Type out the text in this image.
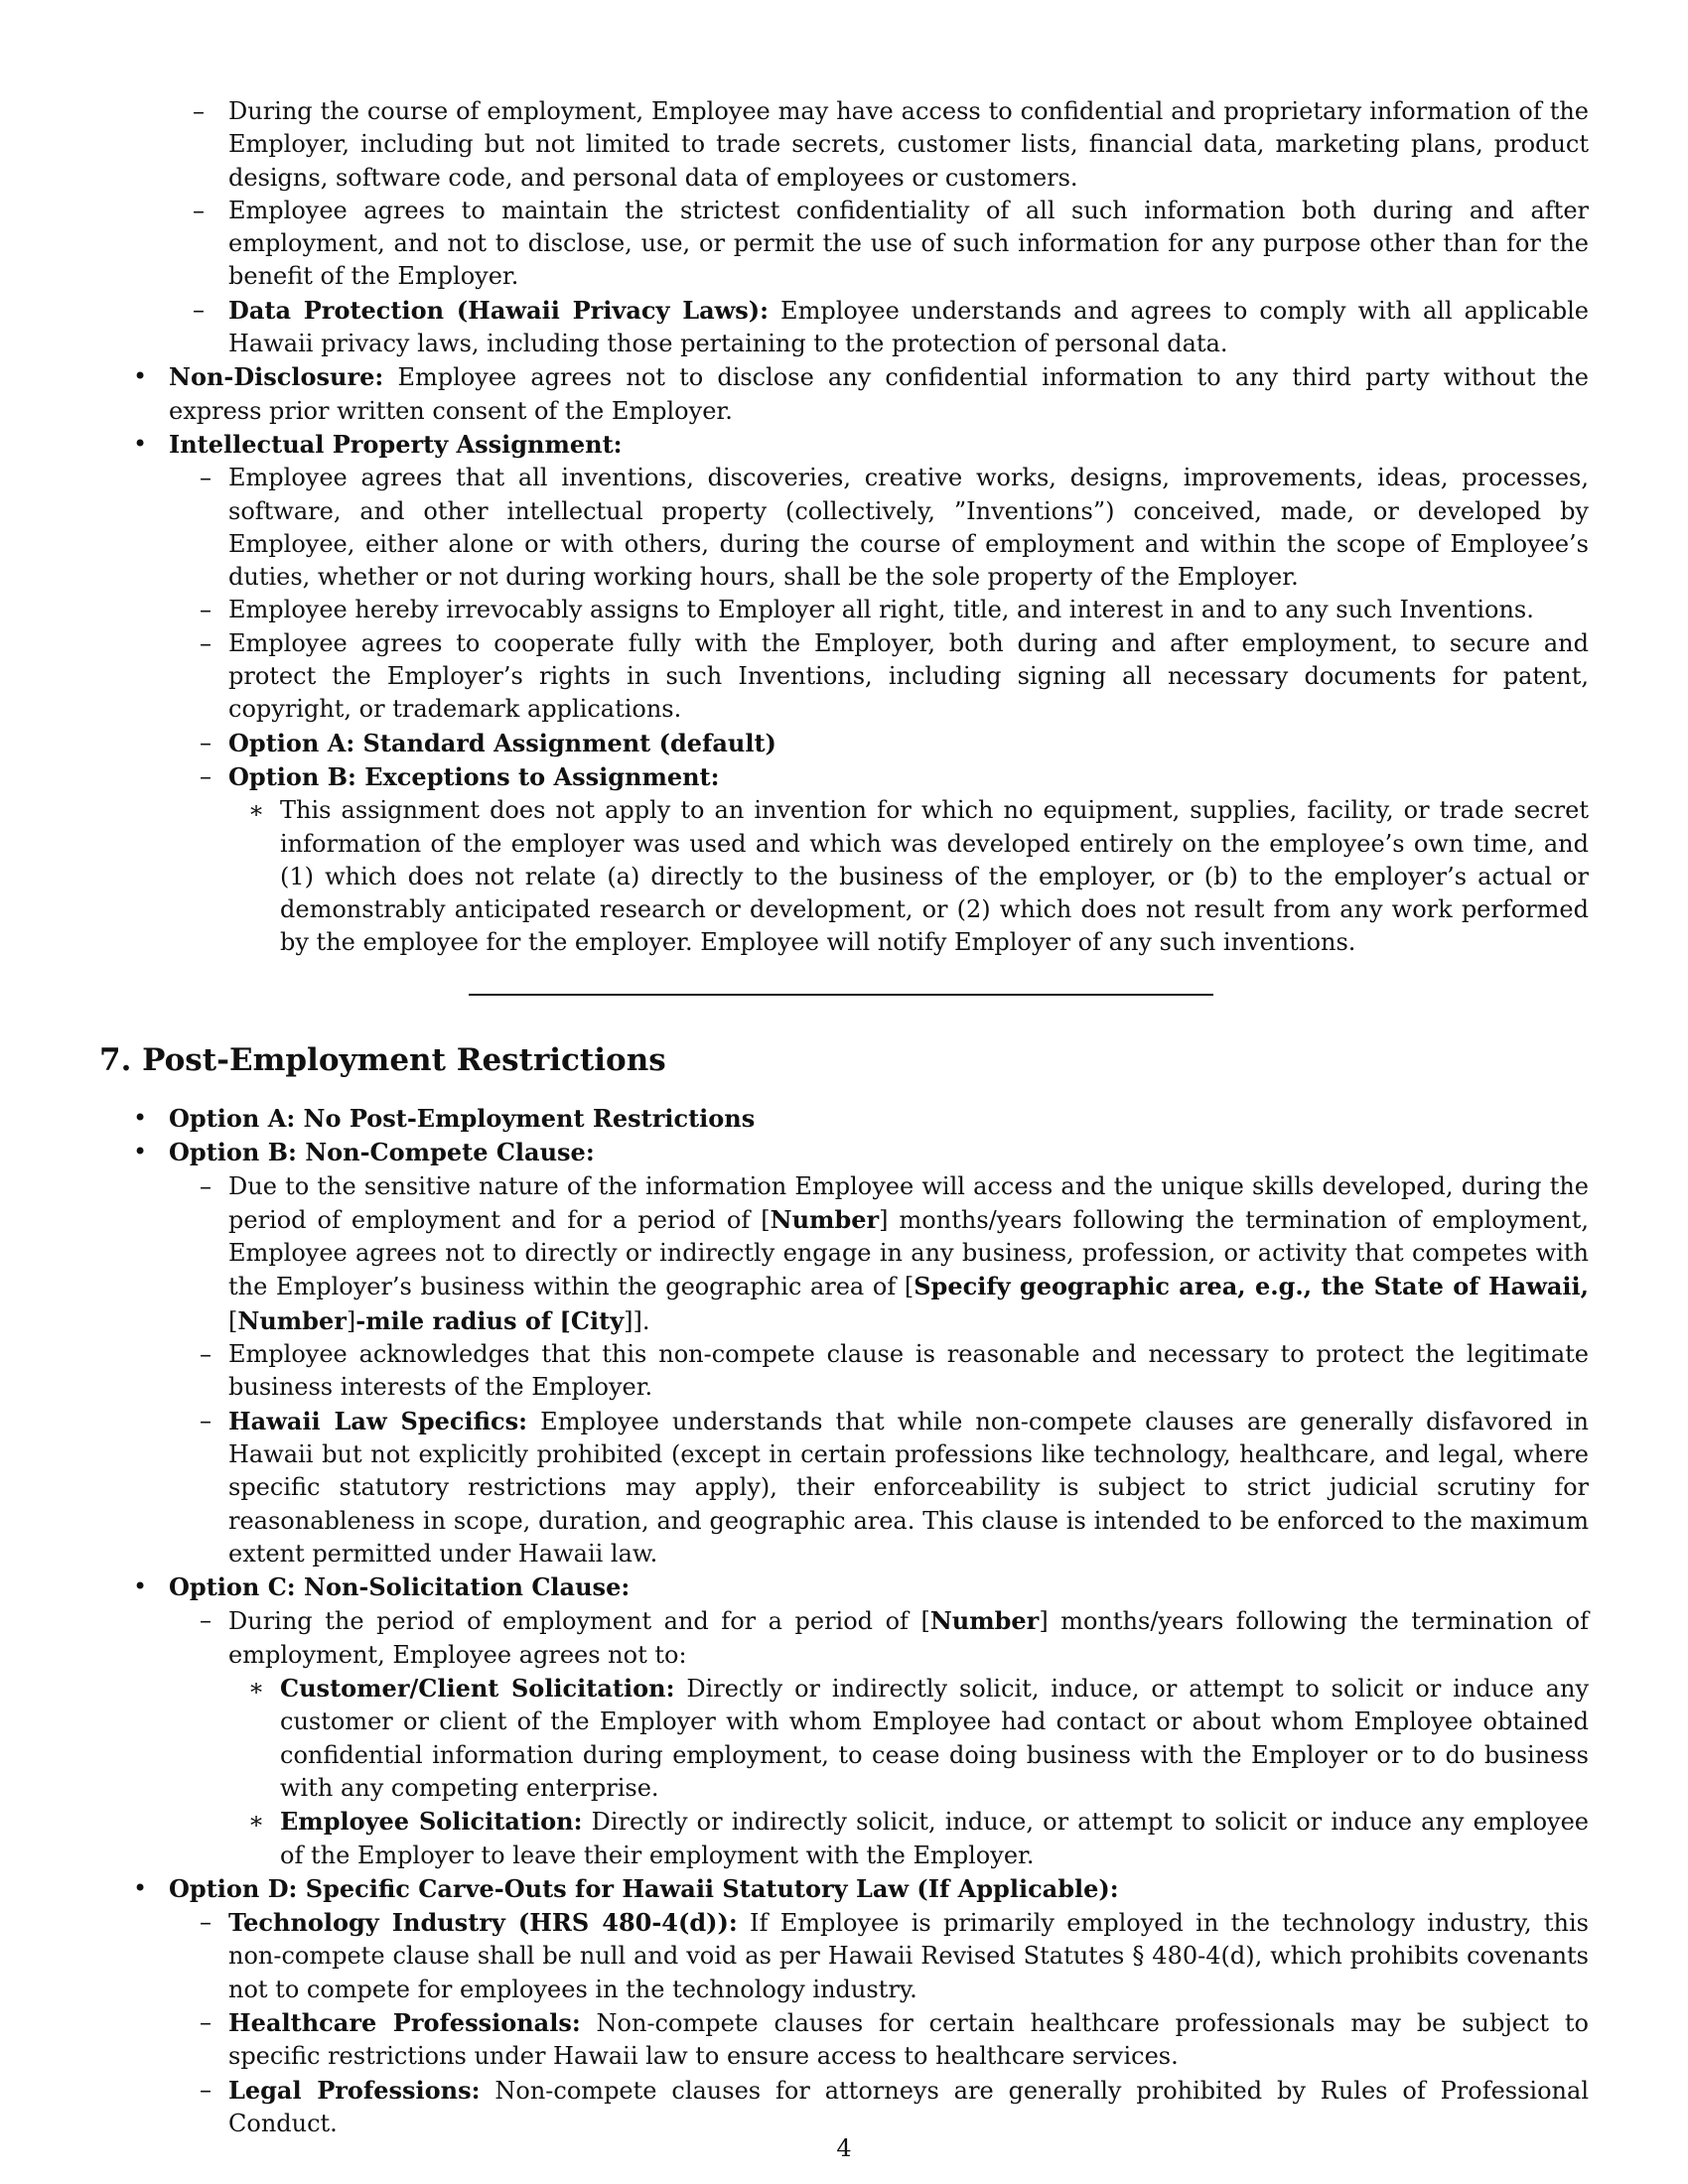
– During the course of employment, Employee may have access to confidential and proprietary information of the Employer, including but not limited to trade secrets, customer lists, financial data, marketing plans, product designs, software code, and personal data of employees or customers.
– Employee agrees to maintain the strictest confidentiality of all such information both during and after employment, and not to disclose, use, or permit the use of such information for any purpose other than for the benefit of the Employer.
– Data Protection (Hawaii Privacy Laws): Employee understands and agrees to comply with all applicable Hawaii privacy laws, including those pertaining to the protection of personal data.
• Non-Disclosure: Employee agrees not to disclose any confidential information to any third party without the express prior written consent of the Employer.
• Intellectual Property Assignment:
– Employee agrees that all inventions, discoveries, creative works, designs, improvements, ideas, processes, software, and other intellectual property (collectively, ”Inventions”) conceived, made, or developed by Employee, either alone or with others, during the course of employment and within the scope of Employee’s duties, whether or not during working hours, shall be the sole property of the Employer.
– Employee hereby irrevocably assigns to Employer all right, title, and interest in and to any such Inventions.
– Employee agrees to cooperate fully with the Employer, both during and after employment, to secure and protect the Employer’s rights in such Inventions, including signing all necessary documents for patent, copyright, or trademark applications.
– Option A: Standard Assignment (default)
– Option B: Exceptions to Assignment:
∗ This assignment does not apply to an invention for which no equipment, supplies, facility, or trade secret information of the employer was used and which was developed entirely on the employee’s own time, and (1) which does not relate (a) directly to the business of the employer, or (b) to the employer’s actual or demonstrably anticipated research or development, or (2) which does not result from any work performed by the employee for the employer. Employee will notify Employer of any such inventions.
7. Post-Employment Restrictions
• Option A: No Post-Employment Restrictions
• Option B: Non-Compete Clause:
– Due to the sensitive nature of the information Employee will access and the unique skills developed, during the period of employment and for a period of [Number] months/years following the termination of employment, Employee agrees not to directly or indirectly engage in any business, profession, or activity that competes with the Employer’s business within the geographic area of [Specify geographic area, e.g., the State of Hawaii, [Number]-mile radius of [City]].
– Employee acknowledges that this non-compete clause is reasonable and necessary to protect the legitimate business interests of the Employer.
– Hawaii Law Specifics: Employee understands that while non-compete clauses are generally disfavored in Hawaii but not explicitly prohibited (except in certain professions like technology, healthcare, and legal, where specific statutory restrictions may apply), their enforceability is subject to strict judicial scrutiny for reasonableness in scope, duration, and geographic area. This clause is intended to be enforced to the maximum extent permitted under Hawaii law.
• Option C: Non-Solicitation Clause:
– During the period of employment and for a period of [Number] months/years following the termination of employment, Employee agrees not to:
∗ Customer/Client Solicitation: Directly or indirectly solicit, induce, or attempt to solicit or induce any customer or client of the Employer with whom Employee had contact or about whom Employee obtained confidential information during employment, to cease doing business with the Employer or to do business with any competing enterprise.
∗ Employee Solicitation: Directly or indirectly solicit, induce, or attempt to solicit or induce any employee of the Employer to leave their employment with the Employer.
• Option D: Specific Carve-Outs for Hawaii Statutory Law (If Applicable):
– Technology Industry (HRS 480-4(d)): If Employee is primarily employed in the technology industry, this non-compete clause shall be null and void as per Hawaii Revised Statutes § 480-4(d), which prohibits covenants not to compete for employees in the technology industry.
– Healthcare Professionals: Non-compete clauses for certain healthcare professionals may be subject to specific restrictions under Hawaii law to ensure access to healthcare services.
– Legal Professions: Non-compete clauses for attorneys are generally prohibited by Rules of Professional Conduct.
4
